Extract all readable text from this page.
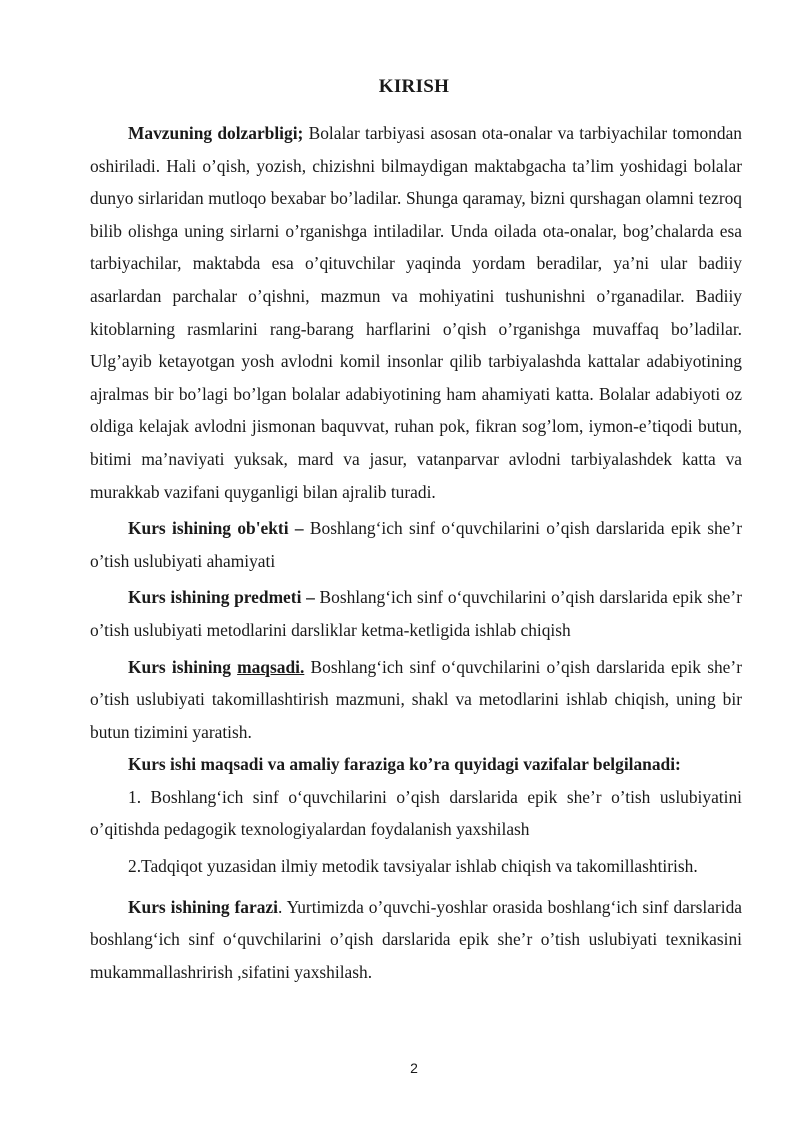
KIRISH

Mavzuning dolzarbligi; Bolalar tarbiyasi asosan ota-onalar va tarbiyachilar tomondan oshiriladi. Hali o’qish, yozish, chizishni bilmaydigan maktabgacha ta’lim yoshidagi bolalar dunyo sirlaridan mutloqo bexabar bo’ladilar. Shunga qaramay, bizni qurshagan olamni tezroq bilib olishga uning sirlarni o’rganishga intiladilar. Unda oilada ota-onalar, bog’chalarda esa tarbiyachilar, maktabda esa o’qituvchilar yaqinda yordam beradilar, ya’ni ular badiiy asarlardan parchalar o’qishni, mazmun va mohiyatini tushunishni o’rganadilar. Badiiy kitoblarning rasmlarini rang-barang harflarini o’qish o’rganishga muvaffaq bo’ladilar. Ulg’ayib ketayotgan yosh avlodni komil insonlar qilib tarbiyalashda kattalar adabiyotining ajralmas bir bo’lagi bo’lgan bolalar adabiyotining ham ahamiyati katta. Bolalar adabiyoti oz oldiga kelajak avlodni jismonan baquvvat, ruhan pok, fikran sog’lom, iymon-e’tiqodi butun, bitimi ma’naviyati yuksak, mard va jasur, vatanparvar avlodni tarbiyalashdek katta va murakkab vazifani quyganligi bilan ajralib turadi.

Kurs ishining ob'ekti – Boshlang‘ich sinf o‘quvchilarini o’qish darslarida epik she’r o’tish uslubiyati ahamiyati

Kurs ishining predmeti – Boshlang‘ich sinf o‘quvchilarini o’qish darslarida epik she’r o’tish uslubiyati metodlarini darsliklar ketma-ketligida ishlab chiqish

Kurs ishining maqsadi. Boshlang‘ich sinf o‘quvchilarini o’qish darslarida epik she’r o’tish uslubiyati takomillashtirish mazmuni, shakl va metodlarini ishlab chiqish, uning bir butun tizimini yaratish.

Kurs ishi maqsadi va amaliy faraziga ko’ra quyidagi vazifalar belgilanadi:

1. Boshlang‘ich sinf o‘quvchilarini o’qish darslarida epik she’r o’tish uslubiyatini o’qitishda pedagogik texnologiyalardan foydalanish yaxshilash

2.Tadqiqot yuzasidan ilmiy metodik tavsiyalar ishlab chiqish va takomillashtirish.

Kurs ishining farazi. Yurtimizda o’quvchi-yoshlar orasida boshlang‘ich sinf darslarida boshlang‘ich sinf o‘quvchilarini o’qish darslarida epik she’r o’tish uslubiyati texnikasini mukammallashrirish ,sifatini yaxshilash.

2
